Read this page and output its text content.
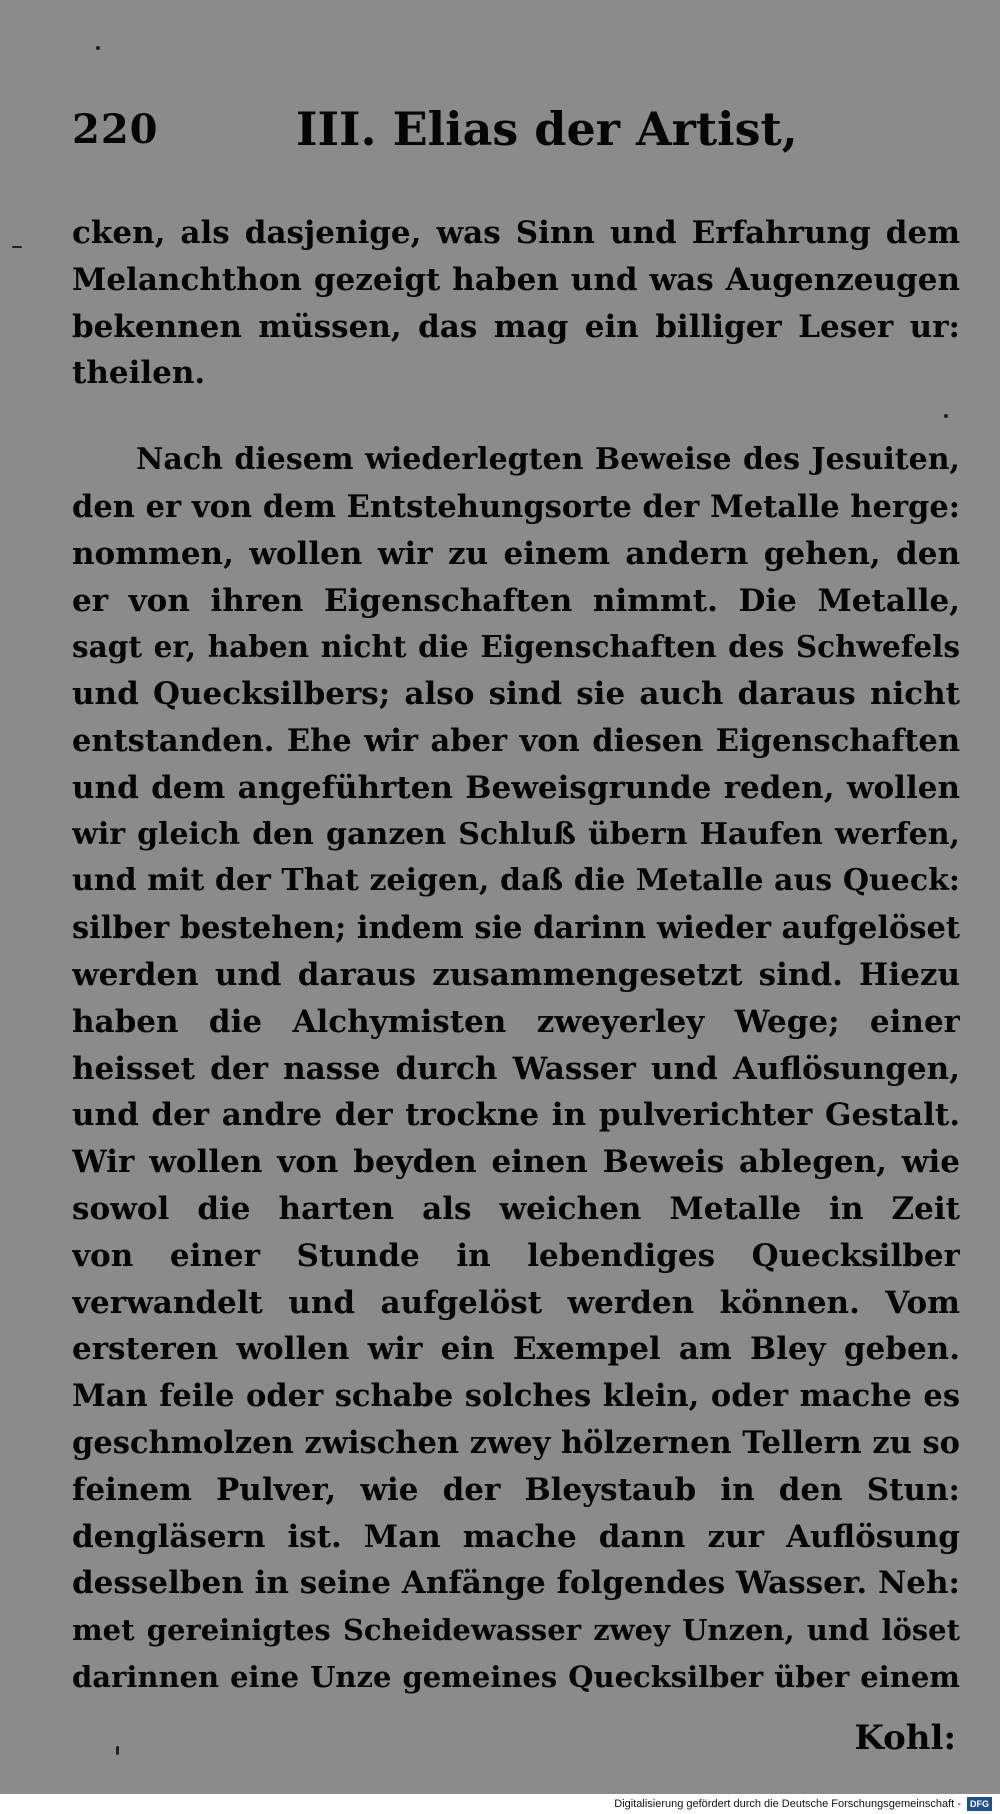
220	III. Elias der Artist,
cken, als dasjenige, was Sinn und Erfahrung dem
Melanchthon gezeigt haben und was Augenzeugen
bekennen müssen, das mag ein billiger Leser ur:
theilen.
Nach diesem wiederlegten Beweise des Jesuiten,
den er von dem Entstehungsorte der Metalle herge:
nommen, wollen wir zu einem andern gehen, den
er von ihren Eigenschaften nimmt. Die Metalle,
sagt er, haben nicht die Eigenschaften des Schwefels
und Quecksilbers; also sind sie auch daraus nicht
entstanden. Ehe wir aber von diesen Eigenschaften
und dem angeführten Beweisgrunde reden, wollen
wir gleich den ganzen Schluß übern Haufen werfen,
und mit der That zeigen, daß die Metalle aus Queck:
silber bestehen; indem sie darinn wieder aufgelöset
werden und daraus zusammengesetzt sind. Hiezu
haben die Alchymisten zweyerley Wege; einer
heisset der nasse durch Wasser und Auflösungen,
und der andre der trockne in pulverichter Gestalt.
Wir wollen von beyden einen Beweis ablegen, wie
sowol die harten als weichen Metalle in Zeit
von einer Stunde in lebendiges Quecksilber
verwandelt und aufgelöst werden können. Vom
ersteren wollen wir ein Exempel am Bley geben.
Man feile oder schabe solches klein, oder mache es
geschmolzen zwischen zwey hölzernen Tellern zu so
feinem Pulver, wie der Bleystaub in den Stun:
dengläsern ist. Man mache dann zur Auflösung
desselben in seine Anfänge folgendes Wasser. Neh:
met gereinigtes Scheidewasser zwey Unzen, und löset
darinnen eine Unze gemeines Quecksilber über einem
Kohl:
Digitalisierung gefördert durch die Deutsche Forschungsgemeinschaft - DFG
